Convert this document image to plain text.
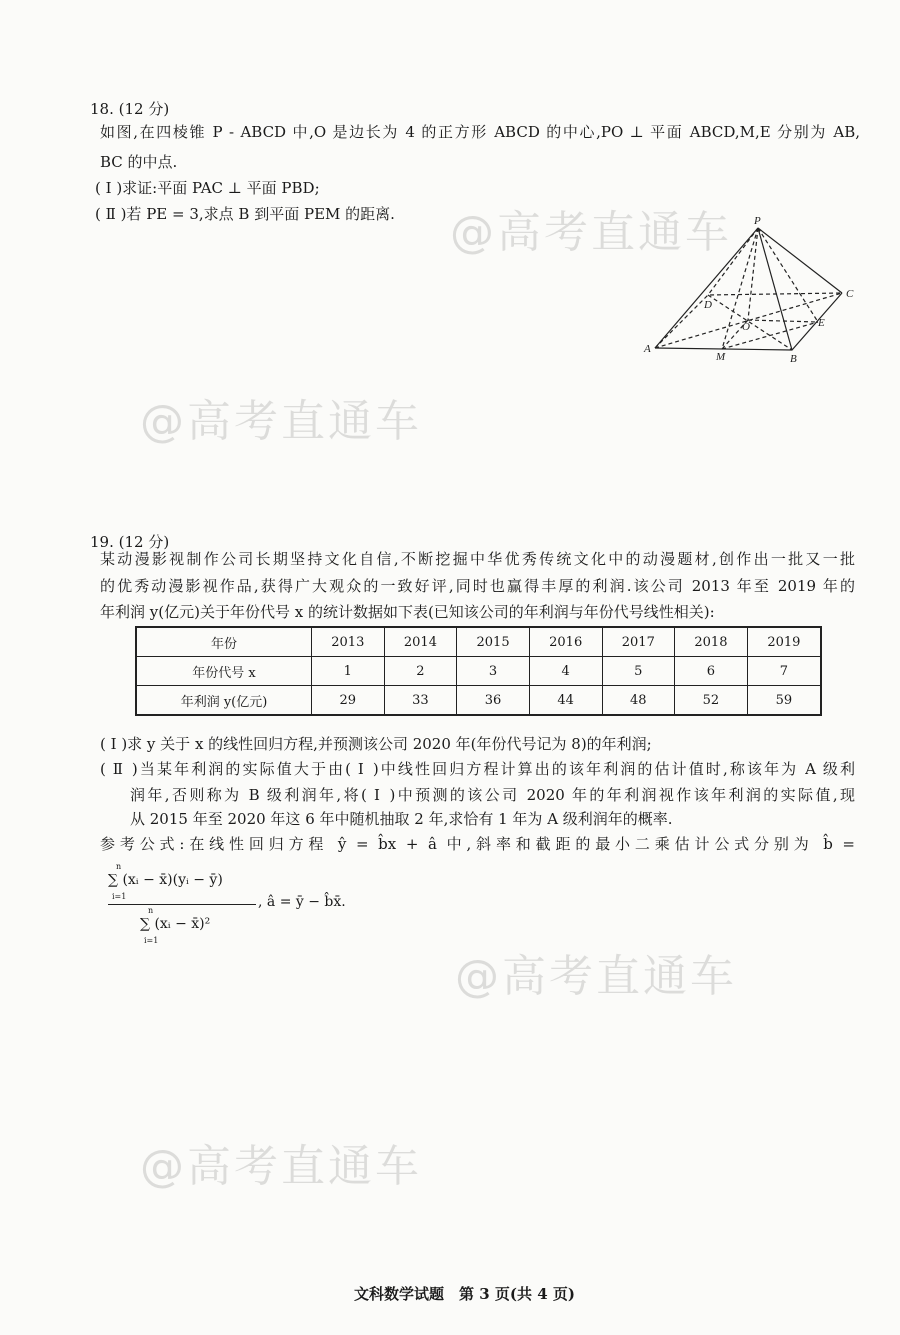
@高考直通车
@高考直通车
@高考直通车
@高考直通车
18. (12 分)
如图,在四棱锥 P - ABCD 中,O 是边长为 4 的正方形 ABCD 的中心,PO ⊥ 平面 ABCD,M,E 分别为 AB,
BC 的中点.
( Ⅰ )求证:平面 PAC ⊥ 平面 PBD;
( Ⅱ )若 PE = 3,求点 B 到平面 PEM 的距离.	P
A
B
C
D
O
M
E
19. (12 分)
某动漫影视制作公司长期坚持文化自信,不断挖掘中华优秀传统文化中的动漫题材,创作出一批又一批
的优秀动漫影视作品,获得广大观众的一致好评,同时也赢得丰厚的利润.该公司 2013 年至 2019 年的
年利润 y(亿元)关于年份代号 x 的统计数据如下表(已知该公司的年利润与年份代号线性相关):
年份	2013	2014	2015	2016	2017	2018	2019
年份代号 x	1	2	3	4	5	6	7
年利润 y(亿元)	29	33	36	44	48	52	59
( Ⅰ )求 y 关于 x 的线性回归方程,并预测该公司 2020 年(年份代号记为 8)的年利润;
( Ⅱ )当某年利润的实际值大于由( Ⅰ )中线性回归方程计算出的该年利润的估计值时,称该年为 A 级利
润年,否则称为 B 级利润年,将( Ⅰ )中预测的该公司 2020 年的年利润视作该年利润的实际值,现
从 2015 年至 2020 年这 6 年中随机抽取 2 年,求恰有 1 年为 A 级利润年的概率.
参考公式:在线性回归方程 ŷ = b̂x + â 中,斜率和截距的最小二乘估计公式分别为 b̂ =
n
∑ (xᵢ − x̄)(yᵢ − ȳ)
i=1
n
∑ (xᵢ − x̄)²
i=1
, â = ȳ − b̂x̄.
文科数学试题　第 3 页(共 4 页)
